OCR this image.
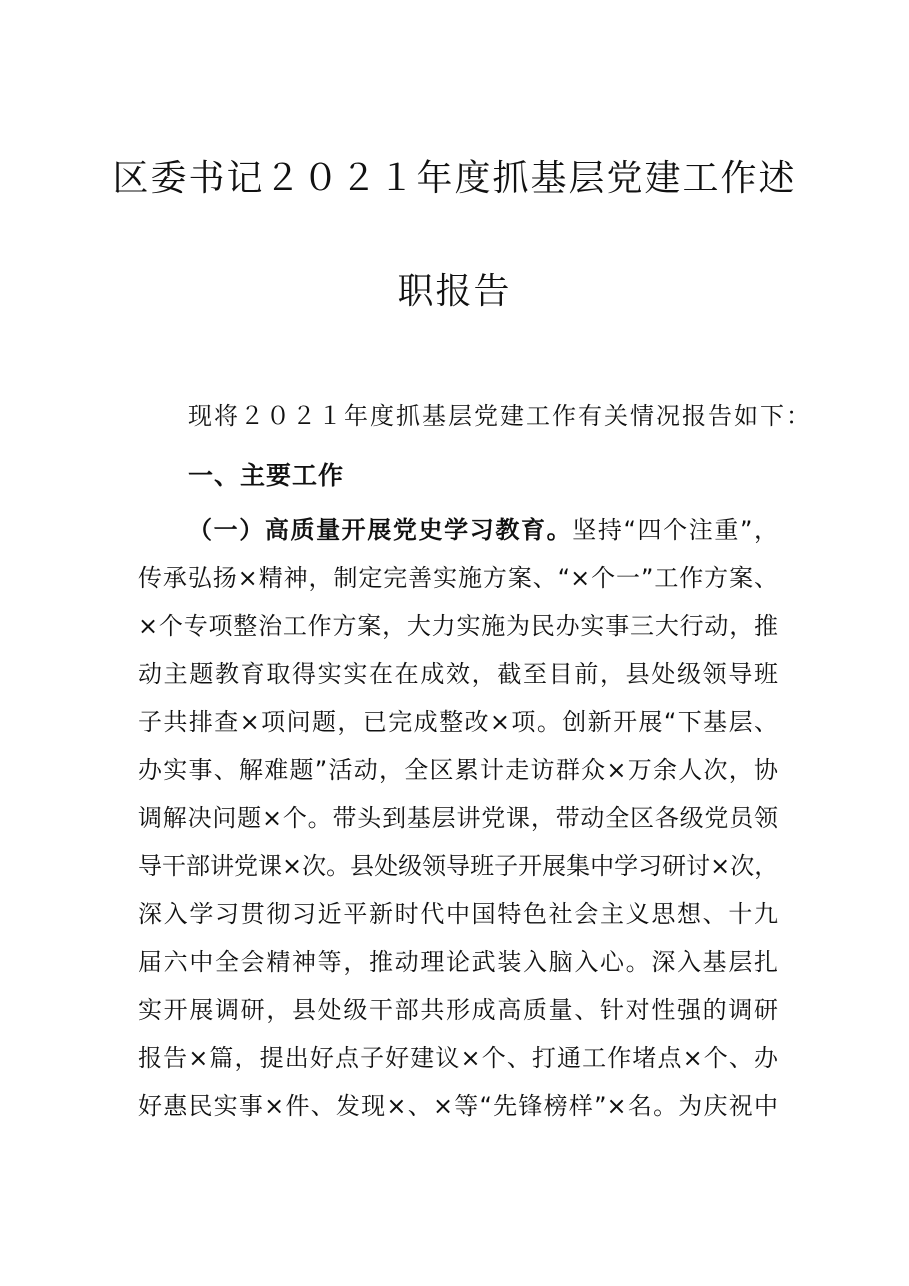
区委书记２０２１年度抓基层党建工作述
职报告
现将２０２１年度抓基层党建工作有关情况报告如下：
一、主要工作
（一）高质量开展党史学习教育。坚持“四个注重”，
传承弘扬×精神，制定完善实施方案、“×个一”工作方案、
×个专项整治工作方案，大力实施为民办实事三大行动，推
动主题教育取得实实在在成效，截至目前，县处级领导班
子共排查×项问题，已完成整改×项。创新开展“下基层、
办实事、解难题”活动，全区累计走访群众×万余人次，协
调解决问题×个。带头到基层讲党课，带动全区各级党员领
导干部讲党课×次。县处级领导班子开展集中学习研讨×次，
深入学习贯彻习近平新时代中国特色社会主义思想、十九
届六中全会精神等，推动理论武装入脑入心。深入基层扎
实开展调研，县处级干部共形成高质量、针对性强的调研
报告×篇，提出好点子好建议×个、打通工作堵点×个、办
好惠民实事×件、发现×、×等“先锋榜样”×名。为庆祝中
